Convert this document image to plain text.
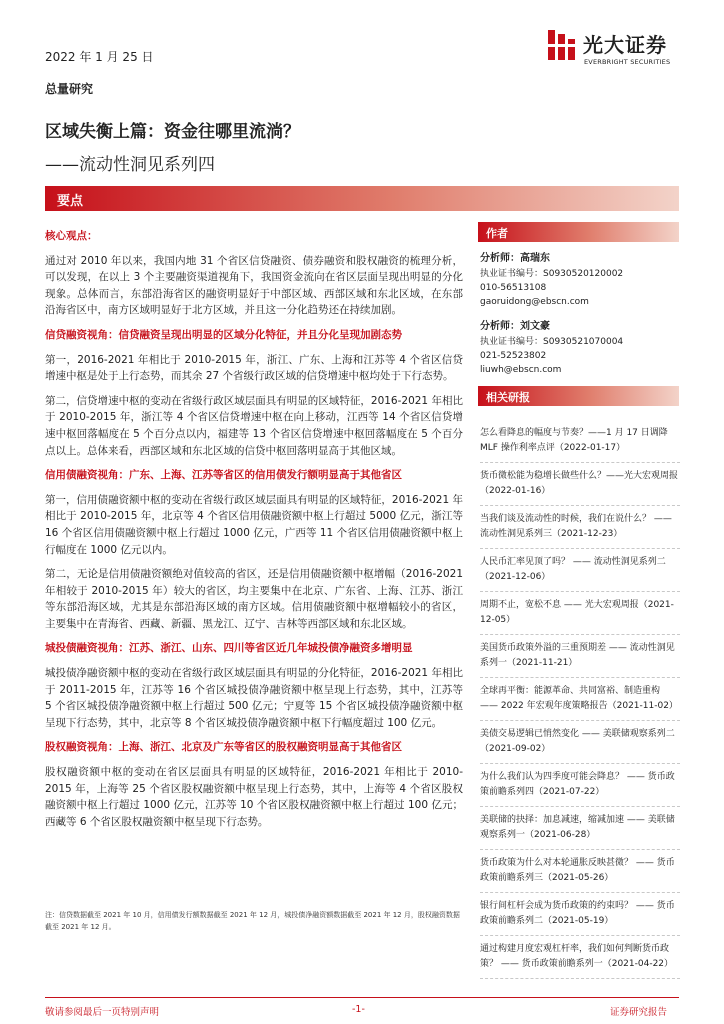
2022 年 1 月 25 日	光大证券
EVERBRIGHT SECURITIES
总量研究
区域失衡上篇：资金往哪里流淌？
——流动性洞见系列四
要点
核心观点：
通过对 2010 年以来，我国内地 31 个省区信贷融资、债券融资和股权融资的梳理分析，可以发现，在以上 3 个主要融资渠道视角下，我国资金流向在省区层面呈现出明显的分化现象。总体而言，东部沿海省区的融资明显好于中部区域、西部区域和东北区域，在东部沿海省区中，南方区域明显好于北方区域，并且这一分化趋势还在持续加剧。
信贷融资视角：信贷融资呈现出明显的区域分化特征，并且分化呈现加剧态势
第一，2016-2021 年相比于 2010-2015 年，浙江、广东、上海和江苏等 4 个省区信贷增速中枢是处于上行态势，而其余 27 个省级行政区域的信贷增速中枢均处于下行态势。
第二，信贷增速中枢的变动在省级行政区域层面具有明显的区域特征，2016-2021 年相比于 2010-2015 年，浙江等 4 个省区信贷增速中枢在向上移动，江西等 14 个省区信贷增速中枢回落幅度在 5 个百分点以内，福建等 13 个省区信贷增速中枢回落幅度在 5 个百分点以上。总体来看，西部区域和东北区域的信贷中枢回落明显高于其他区域。
信用债融资视角：广东、上海、江苏等省区的信用债发行额明显高于其他省区
第一，信用债融资额中枢的变动在省级行政区域层面具有明显的区域特征，2016-2021 年相比于 2010-2015 年，北京等 4 个省区信用债融资额中枢上行超过 5000 亿元，浙江等 16 个省区信用债融资额中枢上行超过 1000 亿元，广西等 11 个省区信用债融资额中枢上行幅度在 1000 亿元以内。
第二，无论是信用债融资额绝对值较高的省区，还是信用债融资额中枢增幅（2016-2021 年相较于 2010-2015 年）较大的省区，均主要集中在北京、广东省、上海、江苏、浙江等东部沿海区域，尤其是东部沿海区域的南方区域。信用债融资额中枢增幅较小的省区，主要集中在青海省、西藏、新疆、黑龙江、辽宁、吉林等西部区域和东北区域。
城投债融资视角：江苏、浙江、山东、四川等省区近几年城投债净融资多增明显
城投债净融资额中枢的变动在省级行政区域层面具有明显的分化特征，2016-2021 年相比于 2011-2015 年，江苏等 16 个省区城投债净融资额中枢呈现上行态势，其中，江苏等 5 个省区城投债净融资额中枢上行超过 500 亿元；宁夏等 15 个省区城投债净融资额中枢呈现下行态势，其中，北京等 8 个省区城投债净融资额中枢下行幅度超过 100 亿元。
股权融资视角：上海、浙江、北京及广东等省区的股权融资明显高于其他省区
股权融资额中枢的变动在省区层面具有明显的区域特征，2016-2021 年相比于 2010-2015 年，上海等 25 个省区股权融资额中枢呈现上行态势，其中，上海等 4 个省区股权融资额中枢上行超过 1000 亿元，江苏等 10 个省区股权融资额中枢上行超过 100 亿元；西藏等 6 个省区股权融资额中枢呈现下行态势。
注：信贷数据截至 2021 年 10 月，信用债发行额数据截至 2021 年 12 月，城投债净融资额数据截至 2021 年 12 月，股权融资数据截至 2021 年 12 月。
作者
分析师：高瑞东
执业证书编号：S0930520120002
010-56513108
gaoruidong@ebscn.com
分析师：刘文豪
执业证书编号：S0930521070004
021-52523802
liuwh@ebscn.com
相关研报
怎么看降息的幅度与节奏？——1 月 17 日调降 MLF 操作利率点评（2022-01-17）
货币微松能为稳增长做些什么？——光大宏观周报（2022-01-16）
当我们谈及流动性的时候，我们在说什么？ —— 流动性洞见系列三（2021-12-23）
人民币汇率见顶了吗？ —— 流动性洞见系列二（2021-12-06）
周期不止，宽松不息 —— 光大宏观周报（2021-12-05）
美国货币政策外溢的三重预期差 —— 流动性洞见系列一（2021-11-21）
全球再平衡：能源革命、共同富裕、制造重构 —— 2022 年宏观年度策略报告（2021-11-02）
美债交易逻辑已悄然变化 —— 美联储观察系列二（2021-09-02）
为什么我们认为四季度可能会降息？ —— 货币政策前瞻系列四（2021-07-22）
美联储的抉择：加息减速，缩减加速 —— 美联储观察系列一（2021-06-28）
货币政策为什么对本轮通胀反映甚微？ —— 货币政策前瞻系列三（2021-05-26）
银行间杠杆会成为货币政策的约束吗？ —— 货币政策前瞻系列二（2021-05-19）
通过构建月度宏观杠杆率，我们如何判断货币政策？ —— 货币政策前瞻系列一（2021-04-22）
敬请参阅最后一页特别声明	-1-	证券研究报告
